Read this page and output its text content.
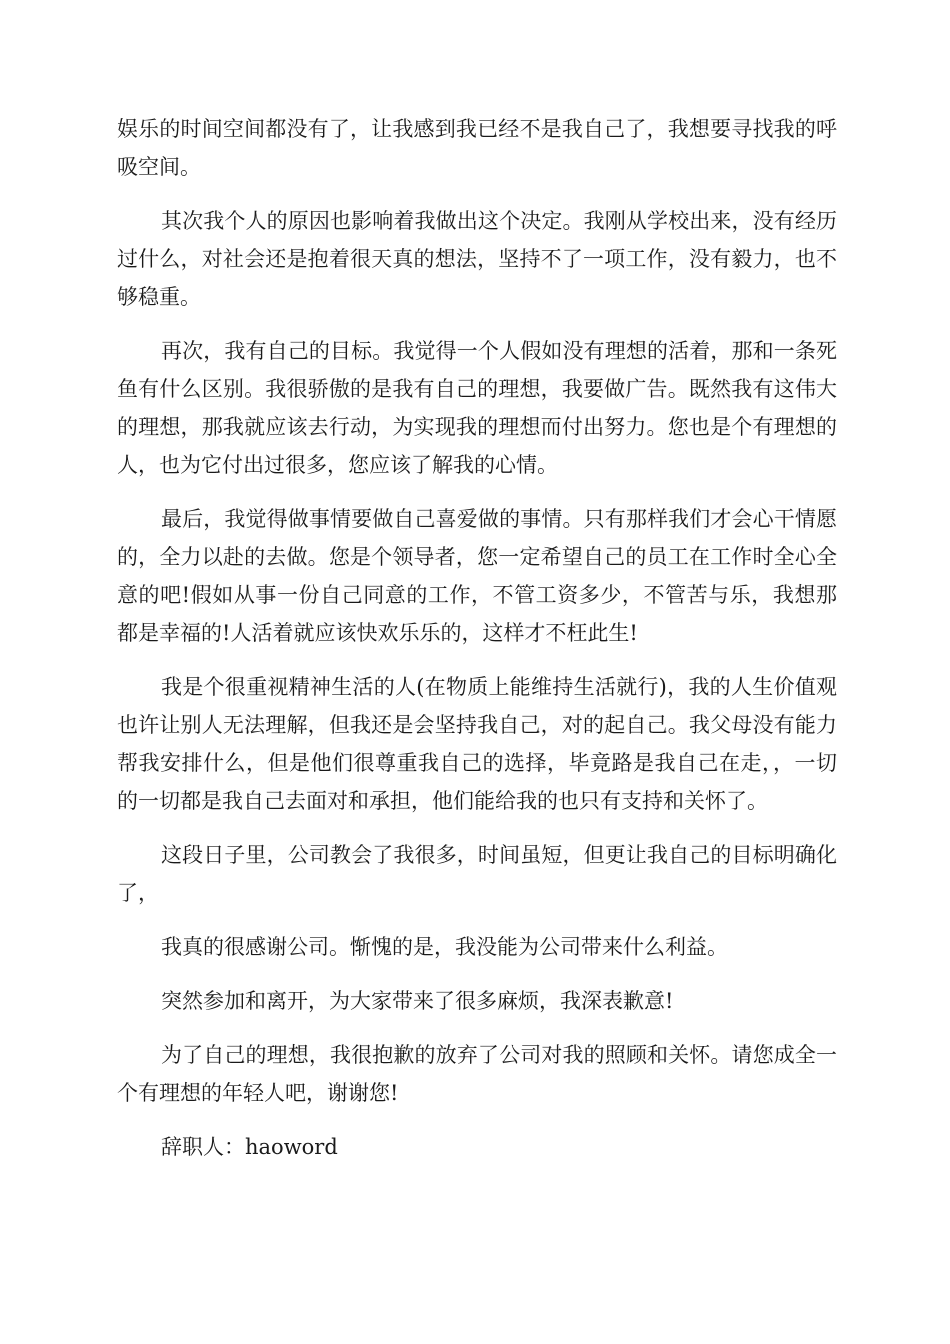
娱乐的时间空间都没有了，让我感到我已经不是我自己了，我想要寻找我的呼吸空间。

其次我个人的原因也影响着我做出这个决定。我刚从学校出来，没有经历过什么，对社会还是抱着很天真的想法，坚持不了一项工作，没有毅力，也不够稳重。

再次，我有自己的目标。我觉得一个人假如没有理想的活着，那和一条死鱼有什么区别。我很骄傲的是我有自己的理想，我要做广告。既然我有这伟大的理想，那我就应该去行动，为实现我的理想而付出努力。您也是个有理想的人，也为它付出过很多，您应该了解我的心情。

最后，我觉得做事情要做自己喜爱做的事情。只有那样我们才会心干情愿的，全力以赴的去做。您是个领导者，您一定希望自己的员工在工作时全心全意的吧!假如从事一份自己同意的工作，不管工资多少，不管苦与乐，我想那都是幸福的!人活着就应该快欢乐乐的，这样才不枉此生!

我是个很重视精神生活的人(在物质上能维持生活就行)，我的人生价值观也许让别人无法理解，但我还是会坚持我自己，对的起自己。我父母没有能力帮我安排什么，但是他们很尊重我自己的选择，毕竟路是我自己在走，，一切的一切都是我自己去面对和承担，他们能给我的也只有支持和关怀了。

这段日子里，公司教会了我很多，时间虽短，但更让我自己的目标明确化了，

我真的很感谢公司。惭愧的是，我没能为公司带来什么利益。

突然参加和离开，为大家带来了很多麻烦，我深表歉意!

为了自己的理想，我很抱歉的放弃了公司对我的照顾和关怀。请您成全一个有理想的年轻人吧，谢谢您!

辞职人：haoword
